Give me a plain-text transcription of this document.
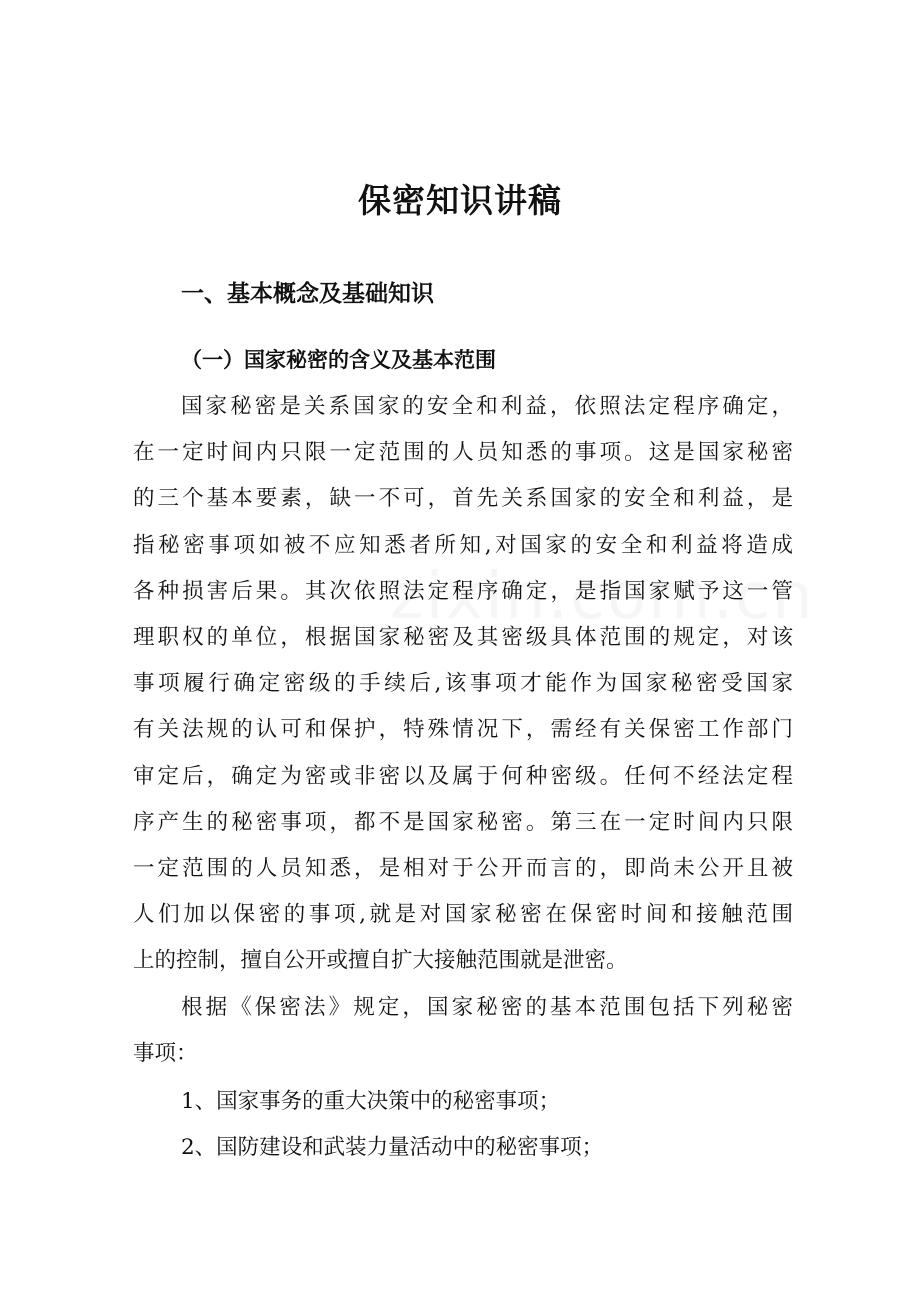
保密知识讲稿
一、基本概念及基础知识
（一）国家秘密的含义及基本范围
国家秘密是关系国家的安全和利益，依照法定程序确定，
在一定时间内只限一定范围的人员知悉的事项。这是国家秘密
的三个基本要素，缺一不可，首先关系国家的安全和利益，是
指秘密事项如被不应知悉者所知,对国家的安全和利益将造成
各种损害后果。其次依照法定程序确定，是指国家赋予这一管
理职权的单位，根据国家秘密及其密级具体范围的规定，对该
事项履行确定密级的手续后,该事项才能作为国家秘密受国家
有关法规的认可和保护，特殊情况下，需经有关保密工作部门
审定后，确定为密或非密以及属于何种密级。任何不经法定程
序产生的秘密事项，都不是国家秘密。第三在一定时间内只限
一定范围的人员知悉，是相对于公开而言的，即尚未公开且被
人们加以保密的事项,就是对国家秘密在保密时间和接触范围
上的控制，擅自公开或擅自扩大接触范围就是泄密。
根据《保密法》规定，国家秘密的基本范围包括下列秘密
事项：

1、国家事务的重大决策中的秘密事项；

2、国防建设和武装力量活动中的秘密事项；
